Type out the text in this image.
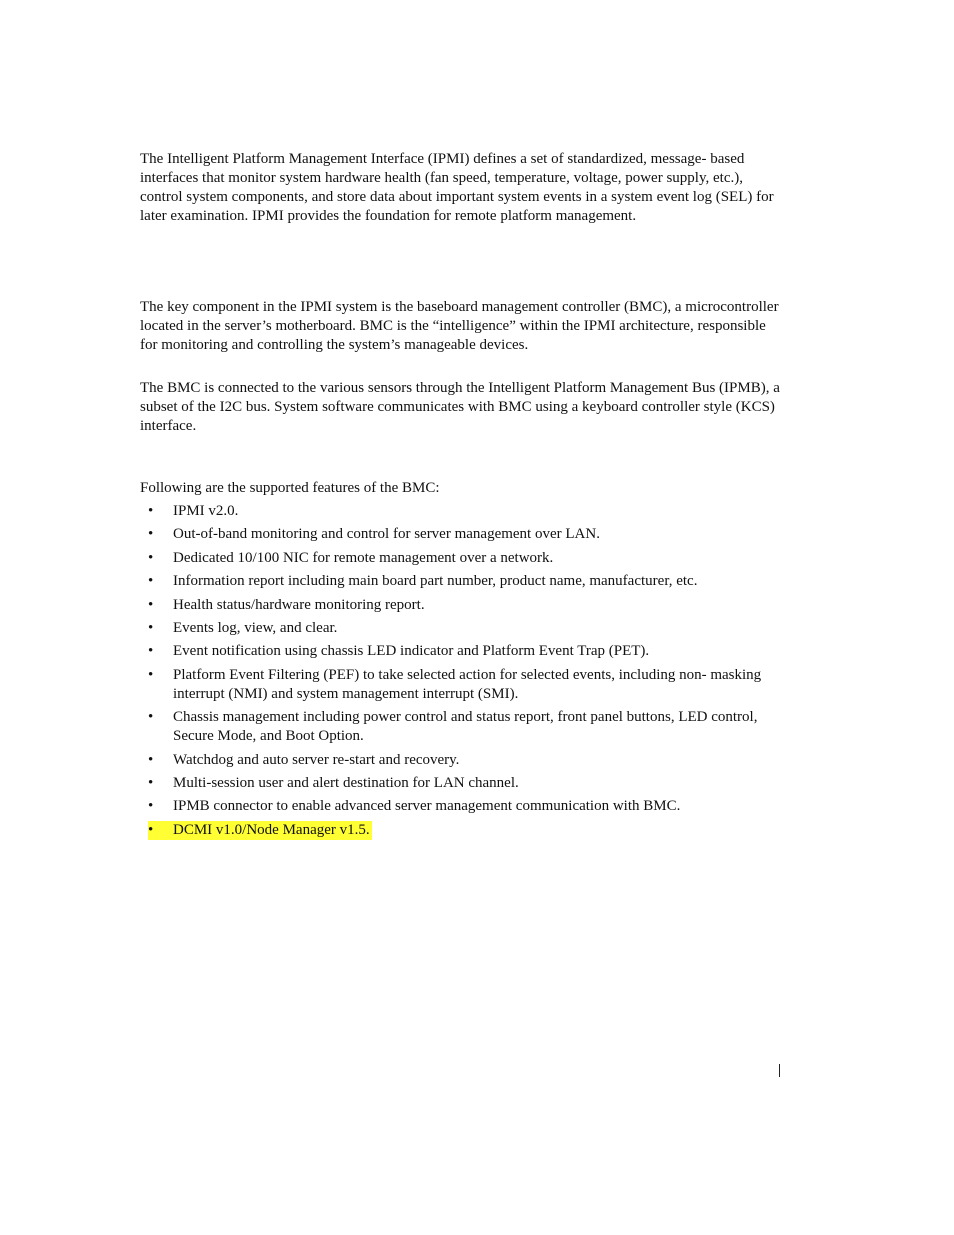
The Intelligent Platform Management Interface (IPMI) defines a set of standardized, message- based interfaces that monitor system hardware health (fan speed, temperature, voltage, power supply, etc.), control system components, and store data about important system events in a system event log (SEL) for later examination. IPMI provides the foundation for remote platform management.

The key component in the IPMI system is the baseboard management controller (BMC), a microcontroller located in the server’s motherboard. BMC is the “intelligence” within the IPMI architecture, responsible for monitoring and controlling the system’s manageable devices.

The BMC is connected to the various sensors through the Intelligent Platform Management Bus (IPMB), a subset of the I2C bus. System software communicates with BMC using a keyboard controller style (KCS) interface.

Following are the supported features of the BMC:

• IPMI v2.0.
• Out-of-band monitoring and control for server management over LAN.
• Dedicated 10/100 NIC for remote management over a network.
• Information report including main board part number, product name, manufacturer, etc.
• Health status/hardware monitoring report.
• Events log, view, and clear.
• Event notification using chassis LED indicator and Platform Event Trap (PET).
• Platform Event Filtering (PEF) to take selected action for selected events, including non- masking interrupt (NMI) and system management interrupt (SMI).
• Chassis management including power control and status report, front panel buttons, LED control, Secure Mode, and Boot Option.
• Watchdog and auto server re-start and recovery.
• Multi-session user and alert destination for LAN channel.
• IPMB connector to enable advanced server management communication with BMC.
• DCMI v1.0/Node Manager v1.5.
